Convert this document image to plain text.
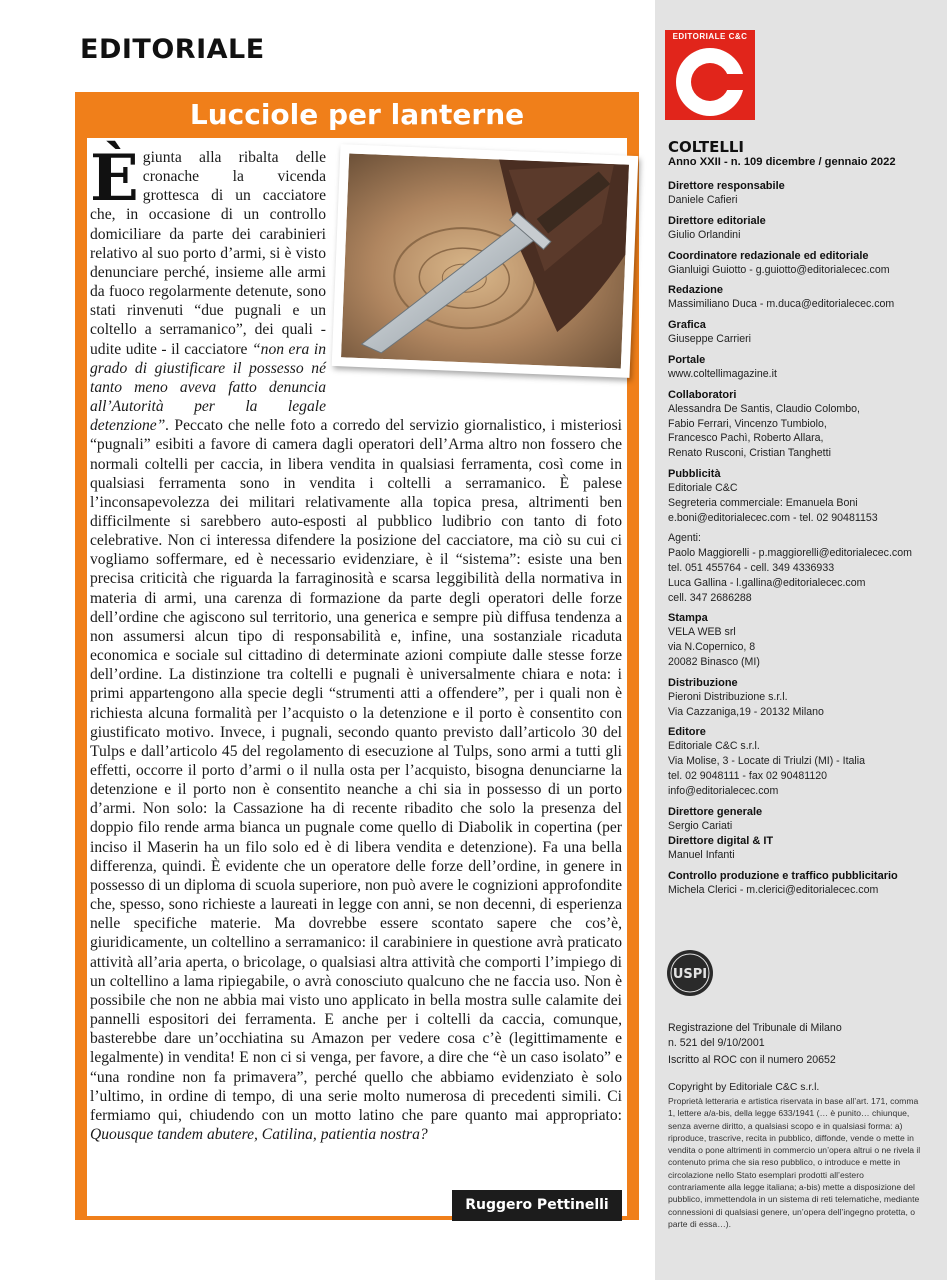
EDITORIALE
Lucciole per lanterne
È giunta alla ribalta delle cronache la vicenda grottesca di un cacciatore che, in occasione di un controllo domiciliare da parte dei carabinieri relativo al suo porto d’armi, si è visto denunciare perché, insieme alle armi da fuoco regolarmente detenute, sono stati rinvenuti “due pugnali e un coltello a serramanico”, dei quali - udite udite - il cacciatore “non era in grado di giustificare il possesso né tanto meno aveva fatto denuncia all’Autorità per la legale detenzione”. Peccato che nelle foto a corredo del servizio giornalistico, i misteriosi “pugnali” esibiti a favore di camera dagli operatori dell’Arma altro non fossero che normali coltelli per caccia, in libera vendita in qualsiasi ferramenta, così come in qualsiasi ferramenta sono in vendita i coltelli a serramanico. È palese l’inconsapevolezza dei militari relativamente alla topica presa, altrimenti ben difficilmente si sarebbero auto-esposti al pubblico ludibrio con tanto di foto celebrative. Non ci interessa difendere la posizione del cacciatore, ma ciò su cui ci vogliamo soffermare, ed è necessario evidenziare, è il “sistema”: esiste una ben precisa criticità che riguarda la farraginosità e scarsa leggibilità della normativa in materia di armi, una carenza di formazione da parte degli operatori delle forze dell’ordine che agiscono sul territorio, una generica e sempre più diffusa tendenza a non assumersi alcun tipo di responsabilità e, infine, una sostanziale ricaduta economica e sociale sul cittadino di determinate azioni compiute dalle stesse forze dell’ordine. La distinzione tra coltelli e pugnali è universalmente chiara e nota: i primi appartengono alla specie degli “strumenti atti a offendere”, per i quali non è richiesta alcuna formalità per l’acquisto o la detenzione e il porto è consentito con giustificato motivo. Invece, i pugnali, secondo quanto previsto dall’articolo 30 del Tulps e dall’articolo 45 del regolamento di esecuzione al Tulps, sono armi a tutti gli effetti, occorre il porto d’armi o il nulla osta per l’acquisto, bisogna denunciarne la detenzione e il porto non è consentito neanche a chi sia in possesso di un porto d’armi. Non solo: la Cassazione ha di recente ribadito che solo la presenza del doppio filo rende arma bianca un pugnale come quello di Diabolik in copertina (per inciso il Maserin ha un filo solo ed è di libera vendita e detenzione). Fa una bella differenza, quindi. È evidente che un operatore delle forze dell’ordine, in genere in possesso di un diploma di scuola superiore, non può avere le cognizioni approfondite che, spesso, sono richieste a laureati in legge con anni, se non decenni, di esperienza nelle specifiche materie. Ma dovrebbe essere scontato sapere che cos’è, giuridicamente, un coltellino a serramanico: il carabiniere in questione avrà praticato attività all’aria aperta, o bricolage, o qualsiasi altra attività che comporti l’impiego di un coltellino a lama ripiegabile, o avrà conosciuto qualcuno che ne faccia uso. Non è possibile che non ne abbia mai visto uno applicato in bella mostra sulle calamite dei pannelli espositori dei ferramenta. E anche per i coltelli da caccia, comunque, basterebbe dare un’occhiatina su Amazon per vedere cosa c’è (legittimamente e legalmente) in vendita! E non ci si venga, per favore, a dire che “è un caso isolato” e “una rondine non fa primavera”, perché quello che abbiamo evidenziato è solo l’ultimo, in ordine di tempo, di una serie molto numerosa di precedenti simili. Ci fermiamo qui, chiudendo con un motto latino che pare quanto mai appropriato: Quousque tandem abutere, Catilina, patientia nostra?
Ruggero Pettinelli
EDITORIALE C&C
COLTELLI
Anno XXII - n. 109 dicembre / gennaio 2022
Direttore responsabile
Daniele Cafieri
Direttore editoriale
Giulio Orlandini
Coordinatore redazionale ed editoriale
Gianluigi Guiotto - g.guiotto@editorialecec.com
Redazione
Massimiliano Duca - m.duca@editorialecec.com
Grafica
Giuseppe Carrieri
Portale
www.coltellimagazine.it
Collaboratori
Alessandra De Santis, Claudio Colombo,
Fabio Ferrari, Vincenzo Tumbiolo,
Francesco Pachì, Roberto Allara,
Renato Rusconi, Cristian Tanghetti
Pubblicità
Editoriale C&C
Segreteria commerciale: Emanuela Boni
e.boni@editorialecec.com - tel. 02 90481153
Agenti:
Paolo Maggiorelli - p.maggiorelli@editorialecec.com
tel. 051 455764 - cell. 349 4336933
Luca Gallina - l.gallina@editorialecec.com
cell. 347 2686288
Stampa
VELA WEB srl
via N.Copernico, 8
20082 Binasco (MI)
Distribuzione
Pieroni Distribuzione s.r.l.
Via Cazzaniga,19 - 20132 Milano
Editore
Editoriale C&C s.r.l.
Via Molise, 3 - Locate di Triulzi (MI) - Italia
tel. 02 9048111 - fax 02 90481120
info@editorialecec.com
Direttore generale
Sergio Cariati
Direttore digital & IT
Manuel Infanti
Controllo produzione e traffico pubblicitario
Michela Clerici - m.clerici@editorialecec.com
USPI
Registrazione del Tribunale di Milano
n. 521 del 9/10/2001
Iscritto al ROC con il numero 20652
Copyright by Editoriale C&C s.r.l.
Proprietà letteraria e artistica riservata in base all’art. 171, comma 1, lettere a/a-bis, della legge 633/1941 (… è punito… chiunque, senza averne diritto, a qualsiasi scopo e in qualsiasi forma: a) riproduce, trascrive, recita in pubblico, diffonde, vende o mette in vendita o pone altrimenti in commercio un’opera altrui o ne rivela il contenuto prima che sia reso pubblico, o introduce e mette in circolazione nello Stato esemplari prodotti all’estero contrariamente alla legge italiana; a-bis) mette a disposizione del pubblico, immettendola in un sistema di reti telematiche, mediante connessioni di qualsiasi genere, un’opera dell’ingegno protetta, o parte di essa…).
